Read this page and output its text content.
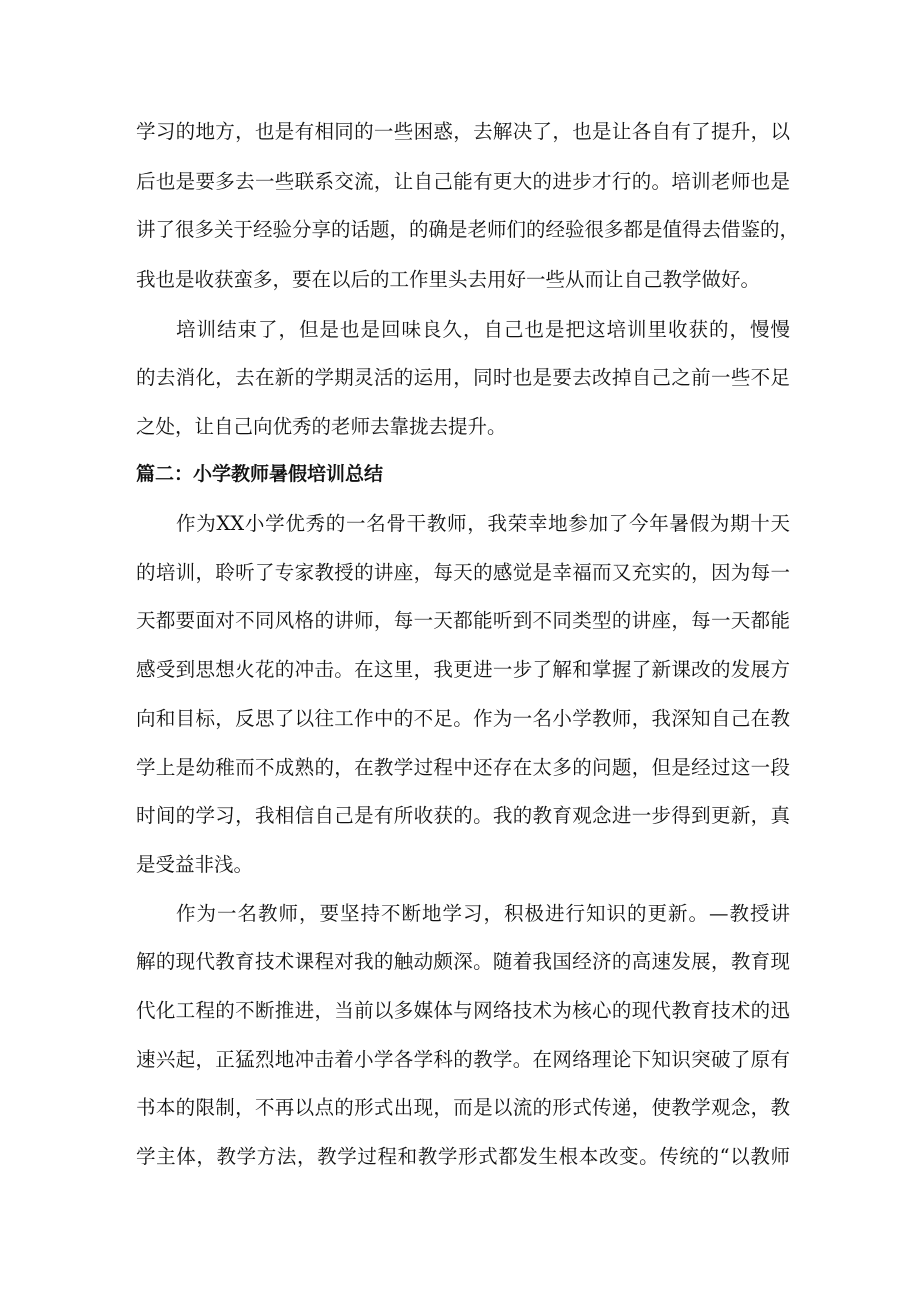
学习的地方，也是有相同的一些困惑，去解决了，也是让各自有了提升，以
后也是要多去一些联系交流，让自己能有更大的进步才行的。培训老师也是
讲了很多关于经验分享的话题，的确是老师们的经验很多都是值得去借鉴的，
我也是收获蛮多，要在以后的工作里头去用好一些从而让自己教学做好。
培训结束了，但是也是回味良久，自己也是把这培训里收获的，慢慢
的去消化，去在新的学期灵活的运用，同时也是要去改掉自己之前一些不足
之处，让自己向优秀的老师去靠拢去提升。
篇二：小学教师暑假培训总结
作为XX小学优秀的一名骨干教师，我荣幸地参加了今年暑假为期十天
的培训，聆听了专家教授的讲座，每天的感觉是幸福而又充实的，因为每一
天都要面对不同风格的讲师，每一天都能听到不同类型的讲座，每一天都能
感受到思想火花的冲击。在这里，我更进一步了解和掌握了新课改的发展方
向和目标，反思了以往工作中的不足。作为一名小学教师，我深知自己在教
学上是幼稚而不成熟的，在教学过程中还存在太多的问题，但是经过这一段
时间的学习，我相信自己是有所收获的。我的教育观念进一步得到更新，真
是受益非浅。
作为一名教师，要坚持不断地学习，积极进行知识的更新。—教授讲
解的现代教育技术课程对我的触动颇深。随着我国经济的高速发展，教育现
代化工程的不断推进，当前以多媒体与网络技术为核心的现代教育技术的迅
速兴起，正猛烈地冲击着小学各学科的教学。在网络理论下知识突破了原有
书本的限制，不再以点的形式出现，而是以流的形式传递，使教学观念，教
学主体，教学方法，教学过程和教学形式都发生根本改变。传统的“以教师
